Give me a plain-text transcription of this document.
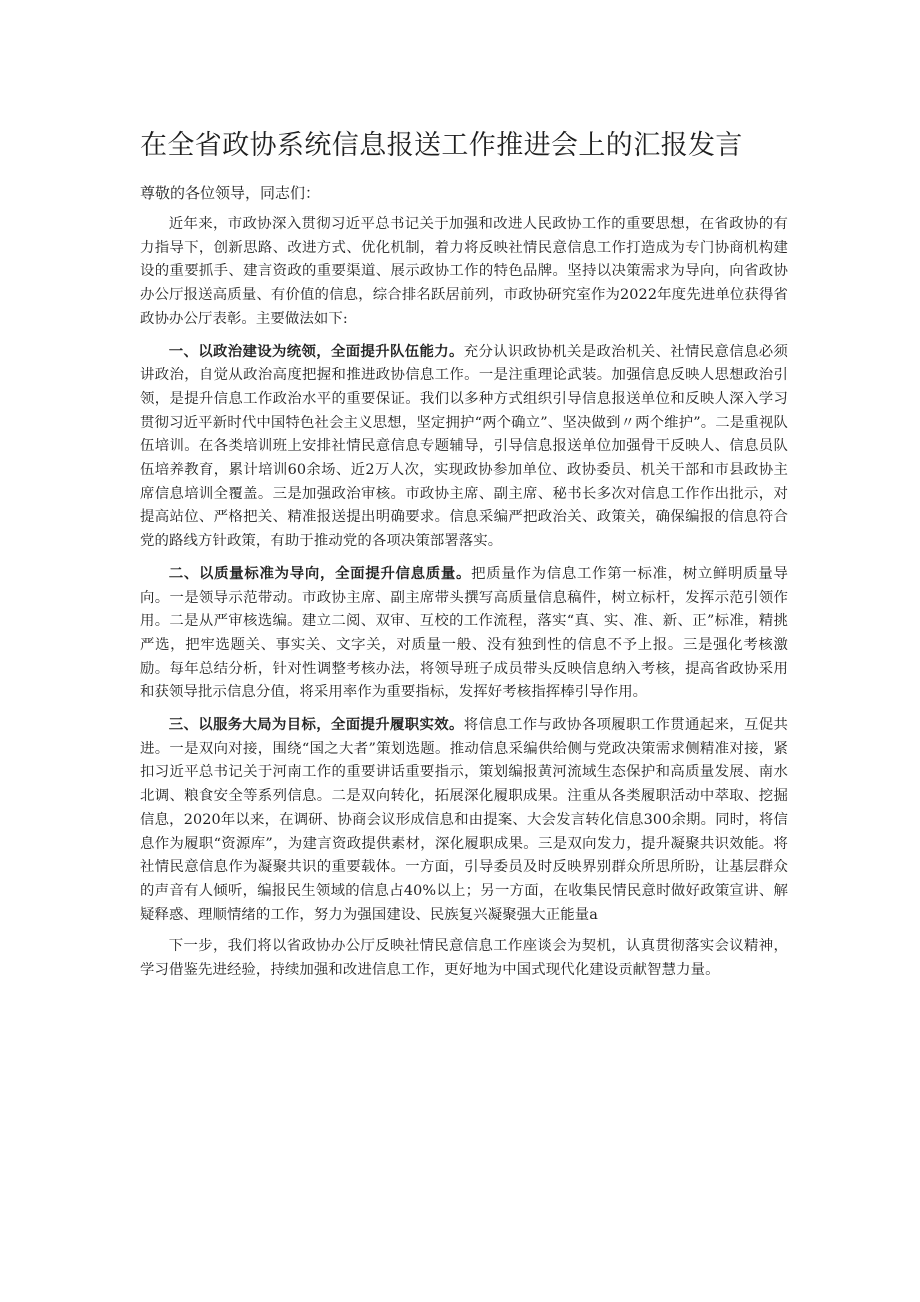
在全省政协系统信息报送工作推进会上的汇报发言

尊敬的各位领导，同志们：

近年来，市政协深入贯彻习近平总书记关于加强和改进人民政协工作的重要思想，在省政协的有力指导下，创新思路、改进方式、优化机制，着力将反映社情民意信息工作打造成为专门协商机构建设的重要抓手、建言资政的重要渠道、展示政协工作的特色品牌。坚持以决策需求为导向，向省政协办公厅报送高质量、有价值的信息，综合排名跃居前列，市政协研究室作为2022年度先进单位获得省政协办公厅表彰。主要做法如下:

一、以政治建设为统领，全面提升队伍能力。充分认识政协机关是政治机关、社情民意信息必须讲政治，自觉从政治高度把握和推进政协信息工作。一是注重理论武装。加强信息反映人思想政治引领，是提升信息工作政治水平的重要保证。我们以多种方式组织引导信息报送单位和反映人深入学习贯彻习近平新时代中国特色社会主义思想，坚定拥护“两个确立”、坚决做到〃两个维护”。二是重视队伍培训。在各类培训班上安排社情民意信息专题辅导，引导信息报送单位加强骨干反映人、信息员队伍培养教育，累计培训60余场、近2万人次，实现政协参加单位、政协委员、机关干部和市县政协主席信息培训全覆盖。三是加强政治审核。市政协主席、副主席、秘书长多次对信息工作作出批示，对提高站位、严格把关、精准报送提出明确要求。信息采编严把政治关、政策关，确保编报的信息符合党的路线方针政策，有助于推动党的各项决策部署落实。

二、以质量标准为导向，全面提升信息质量。把质量作为信息工作第一标准，树立鲜明质量导向。一是领导示范带动。市政协主席、副主席带头撰写高质量信息稿件，树立标杆，发挥示范引领作用。二是从严审核选编。建立二阅、双审、互校的工作流程，落实“真、实、准、新、正”标准，精挑严选，把牢选题关、事实关、文字关，对质量一般、没有独到性的信息不予上报。三是强化考核激励。每年总结分析，针对性调整考核办法，将领导班子成员带头反映信息纳入考核，提高省政协采用和获领导批示信息分值，将采用率作为重要指标，发挥好考核指挥棒引导作用。

三、以服务大局为目标，全面提升履职实效。将信息工作与政协各项履职工作贯通起来，互促共进。一是双向对接，围绕“国之大者”策划选题。推动信息采编供给侧与党政决策需求侧精准对接，紧扣习近平总书记关于河南工作的重要讲话重要指示，策划编报黄河流域生态保护和高质量发展、南水北调、粮食安全等系列信息。二是双向转化，拓展深化履职成果。注重从各类履职活动中萃取、挖掘信息，2020年以来，在调研、协商会议形成信息和由提案、大会发言转化信息300余期。同时，将信息作为履职“资源库”，为建言资政提供素材，深化履职成果。三是双向发力，提升凝聚共识效能。将社情民意信息作为凝聚共识的重要载体。一方面，引导委员及时反映界别群众所思所盼，让基层群众的声音有人倾听，编报民生领域的信息占40%以上；另一方面，在收集民情民意时做好政策宣讲、解疑释惑、理顺情绪的工作，努力为强国建设、民族复兴凝聚强大正能量a

下一步，我们将以省政协办公厅反映社情民意信息工作座谈会为契机，认真贯彻落实会议精神，学习借鉴先进经验，持续加强和改进信息工作，更好地为中国式现代化建设贡献智慧力量。
